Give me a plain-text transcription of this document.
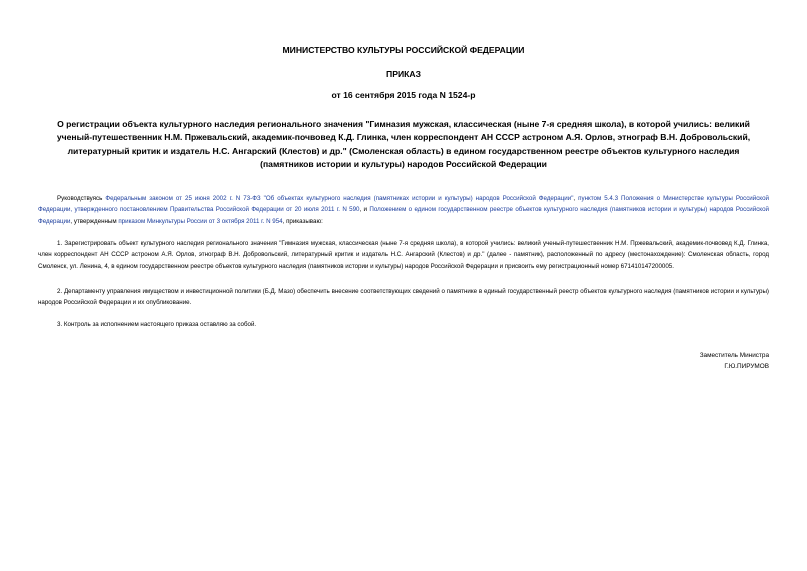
МИНИСТЕРСТВО КУЛЬТУРЫ РОССИЙСКОЙ ФЕДЕРАЦИИ

ПРИКАЗ

от 16 сентября 2015 года N 1524-р

О регистрации объекта культурного наследия регионального значения "Гимназия мужская, классическая (ныне 7-я средняя школа), в которой учились: великий ученый-путешественник Н.М. Пржевальский, академик-почвовед К.Д. Глинка, член корреспондент АН СССР астроном А.Я. Орлов, этнограф В.Н. Добровольский, литературный критик и издатель Н.С. Ангарский (Клестов) и др." (Смоленская область) в едином государственном реестре объектов культурного наследия (памятников истории и культуры) народов Российской Федерации

Руководствуясь Федеральным законом от 25 июня 2002 г. N 73-ФЗ "Об объектах культурного наследия (памятниках истории и культуры) народов Российской Федерации", пунктом 5.4.3 Положения о Министерстве культуры Российской Федерации, утвержденного постановлением Правительства Российской Федерации от 20 июля 2011 г. N 590, и Положением о едином государственном реестре объектов культурного наследия (памятников истории и культуры) народов Российской Федерации, утвержденным приказом Минкультуры России от 3 октября 2011 г. N 954, приказываю:

1. Зарегистрировать объект культурного наследия регионального значения "Гимназия мужская, классическая (ныне 7-я средняя школа), в которой учились: великий ученый-путешественник Н.М. Пржевальский, академик-почвовед К.Д. Глинка, член корреспондент АН СССР астроном А.Я. Орлов, этнограф В.Н. Добровольский, литературный критик и издатель Н.С. Ангарский (Клестов) и др." (далее - памятник), расположенный по адресу (местонахождение): Смоленская область, город Смоленск, ул. Ленина, 4, в едином государственном реестре объектов культурного наследия (памятников истории и культуры) народов Российской Федерации и присвоить ему регистрационный номер 671410147200005.

2. Департаменту управления имуществом и инвестиционной политики (Б.Д. Мазо) обеспечить внесение соответствующих сведений о памятнике в единый государственный реестр объектов культурного наследия (памятников истории и культуры) народов Российской Федерации и их опубликование.

3. Контроль за исполнением настоящего приказа оставляю за собой.

Заместитель Министра
Г.Ю.ПИРУМОВ
